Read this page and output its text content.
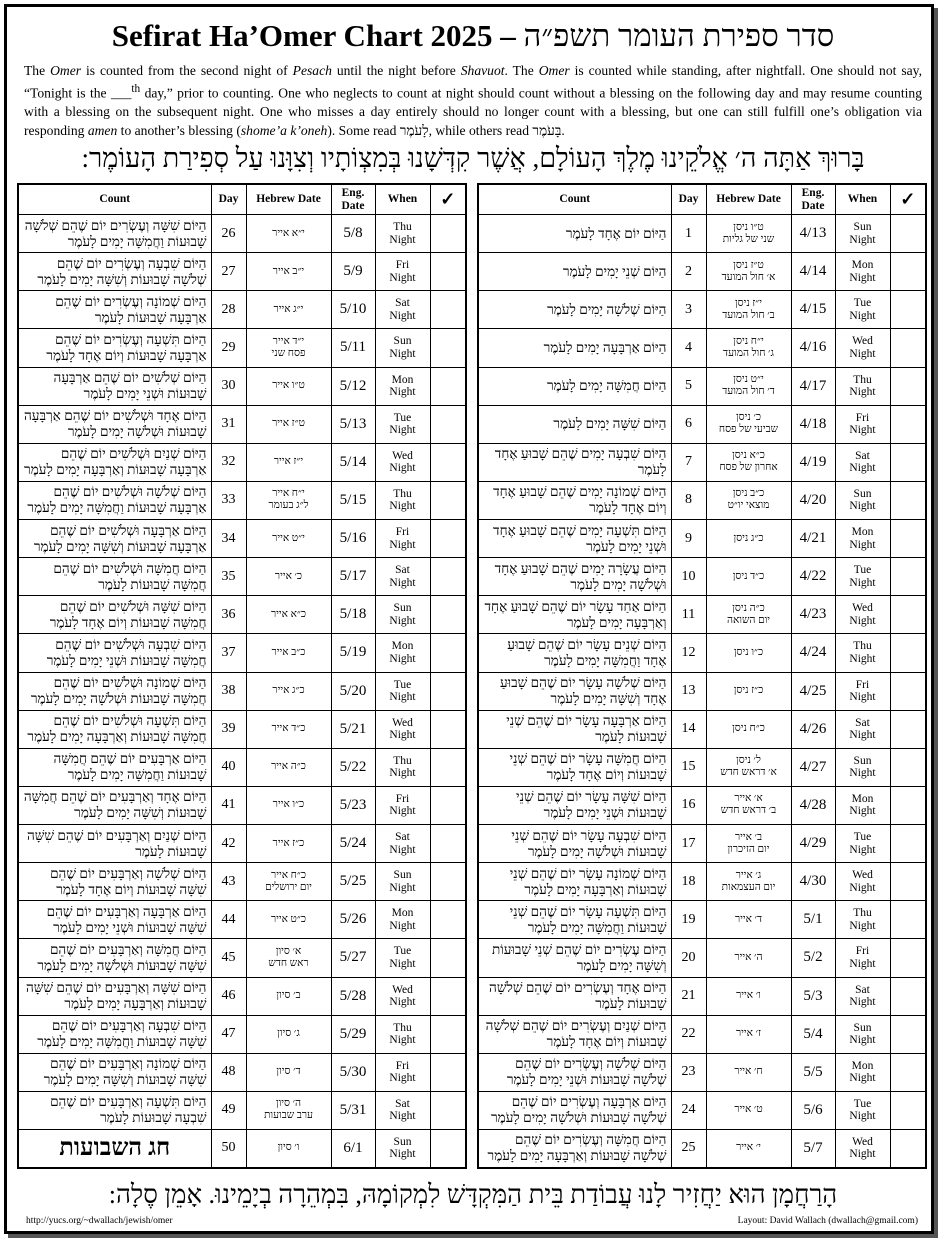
Sefirat Ha’Omer Chart 2025 – סדר ספירת העומר תשפ״ה
The Omer is counted from the second night of Pesach until the night before Shavuot. The Omer is counted while standing, after nightfall. One should not say, “Tonight is the ___$^{th}$ day,” prior to counting. One who neglects to count at night should count without a blessing on the following day and may resume counting with a blessing on the subsequent night. One who misses a day entirely should no longer count with a blessing, but one can still fulfill one’s obligation via responding amen to another’s blessing (shome’a k’oneh). Some read לָעֹמֶר, while others read בָּעֹמֶר.
בָּרוּךְ אַתָּה ה׳ אֱלֹקֵינוּ מֶלֶךְ הָעוֹלָם, אֲשֶׁר קִדְּשָׁנוּ בְּמִצְוֹתָיו וְצִוָּנוּ עַל סְפִירַת הָעוֹמֶר:
Count	Day	Hebrew Date	Eng. Date	When	✓
הַיּוֹם שִׁשָּׁה וְעֶשְׂרִים יוֹם שֶׁהֵם שְׁלֹשָׁה שָׁבוּעוֹת וַחֲמִשָּׁה יָמִים לָעֹמֶר	26	י״א אייר	5/8	Thu
Night	
הַיּוֹם שִׁבְעָה וְעֶשְׂרִים יוֹם שֶׁהֵם שְׁלֹשָׁה שָׁבוּעוֹת וְשִׁשָּׁה יָמִים לָעֹמֶר	27	י״ב אייר	5/9	Fri
Night	
הַיּוֹם שְׁמוֹנָה וְעֶשְׂרִים יוֹם שֶׁהֵם אַרְבָּעָה שָׁבוּעוֹת לָעֹמֶר	28	י״ג אייר	5/10	Sat
Night	
הַיּוֹם תִּשְׁעָה וְעֶשְׂרִים יוֹם שֶׁהֵם אַרְבָּעָה שָׁבוּעוֹת וְיוֹם אֶחָד לָעֹמֶר	29	י״ד אייר
פסח שני	5/11	Sun
Night	
הַיּוֹם שְׁלֹשִׁים יוֹם שֶׁהֵם אַרְבָּעָה שָׁבוּעוֹת וּשְׁנֵי יָמִים לָעֹמֶר	30	ט״ו אייר	5/12	Mon
Night	
הַיּוֹם אֶחָד וּשְׁלֹשִׁים יוֹם שֶׁהֵם אַרְבָּעָה שָׁבוּעוֹת וּשְׁלֹשָׁה יָמִים לָעֹמֶר	31	ט״ז אייר	5/13	Tue
Night	
הַיּוֹם שְׁנַיִם וּשְׁלֹשִׁים יוֹם שֶׁהֵם אַרְבָּעָה שָׁבוּעוֹת וְאַרְבָּעָה יָמִים לָעֹמֶר	32	י״ז אייר	5/14	Wed
Night	
הַיּוֹם שְׁלֹשָׁה וּשְׁלֹשִׁים יוֹם שֶׁהֵם אַרְבָּעָה שָׁבוּעוֹת וַחֲמִשָּׁה יָמִים לָעֹמֶר	33	י״ח אייר
ל״ג בעומר	5/15	Thu
Night	
הַיּוֹם אַרְבָּעָה וּשְׁלֹשִׁים יוֹם שֶׁהֵם אַרְבָּעָה שָׁבוּעוֹת וְשִׁשָּׁה יָמִים לָעֹמֶר	34	י״ט אייר	5/16	Fri
Night	
הַיּוֹם חֲמִשָּׁה וּשְׁלֹשִׁים יוֹם שֶׁהֵם חֲמִשָּׁה שָׁבוּעוֹת לָעֹמֶר	35	כ׳ אייר	5/17	Sat
Night	
הַיּוֹם שִׁשָּׁה וּשְׁלֹשִׁים יוֹם שֶׁהֵם חֲמִשָּׁה שָׁבוּעוֹת וְיוֹם אֶחָד לָעֹמֶר	36	כ״א אייר	5/18	Sun
Night	
הַיּוֹם שִׁבְעָה וּשְׁלֹשִׁים יוֹם שֶׁהֵם חֲמִשָּׁה שָׁבוּעוֹת וּשְׁנֵי יָמִים לָעֹמֶר	37	כ״ב אייר	5/19	Mon
Night	
הַיּוֹם שְׁמוֹנָה וּשְׁלֹשִׁים יוֹם שֶׁהֵם חֲמִשָּׁה שָׁבוּעוֹת וּשְׁלֹשָׁה יָמִים לָעֹמֶר	38	כ״ג אייר	5/20	Tue
Night	
הַיּוֹם תִּשְׁעָה וּשְׁלֹשִׁים יוֹם שֶׁהֵם חֲמִשָּׁה שָׁבוּעוֹת וְאַרְבָּעָה יָמִים לָעֹמֶר	39	כ״ד אייר	5/21	Wed
Night	
הַיּוֹם אַרְבָּעִים יוֹם שֶׁהֵם חֲמִשָּׁה שָׁבוּעוֹת וַחֲמִשָּׁה יָמִים לָעֹמֶר	40	כ״ה אייר	5/22	Thu
Night	
הַיּוֹם אֶחָד וְאַרְבָּעִים יוֹם שֶׁהֵם חֲמִשָּׁה שָׁבוּעוֹת וְשִׁשָּׁה יָמִים לָעֹמֶר	41	כ״ו אייר	5/23	Fri
Night	
הַיּוֹם שְׁנַיִם וְאַרְבָּעִים יוֹם שֶׁהֵם שִׁשָּׁה שָׁבוּעוֹת לָעֹמֶר	42	כ״ז אייר	5/24	Sat
Night	
הַיּוֹם שְׁלֹשָׁה וְאַרְבָּעִים יוֹם שֶׁהֵם שִׁשָּׁה שָׁבוּעוֹת וְיוֹם אֶחָד לָעֹמֶר	43	כ״ח אייר
יום ירושלים	5/25	Sun
Night	
הַיּוֹם אַרְבָּעָה וְאַרְבָּעִים יוֹם שֶׁהֵם שִׁשָּׁה שָׁבוּעוֹת וּשְׁנֵי יָמִים לָעֹמֶר	44	כ״ט אייר	5/26	Mon
Night	
הַיּוֹם חֲמִשָּׁה וְאַרְבָּעִים יוֹם שֶׁהֵם שִׁשָּׁה שָׁבוּעוֹת וּשְׁלֹשָׁה יָמִים לָעֹמֶר	45	א׳ סיון
ראש חדש	5/27	Tue
Night	
הַיּוֹם שִׁשָּׁה וְאַרְבָּעִים יוֹם שֶׁהֵם שִׁשָּׁה שָׁבוּעוֹת וְאַרְבָּעָה יָמִים לָעֹמֶר	46	ב׳ סיון	5/28	Wed
Night	
הַיּוֹם שִׁבְעָה וְאַרְבָּעִים יוֹם שֶׁהֵם שִׁשָּׁה שָׁבוּעוֹת וַחֲמִשָּׁה יָמִים לָעֹמֶר	47	ג׳ סיון	5/29	Thu
Night	
הַיּוֹם שְׁמוֹנָה וְאַרְבָּעִים יוֹם שֶׁהֵם שִׁשָּׁה שָׁבוּעוֹת וְשִׁשָּׁה יָמִים לָעֹמֶר	48	ד׳ סיון	5/30	Fri
Night	
הַיּוֹם תִּשְׁעָה וְאַרְבָּעִים יוֹם שֶׁהֵם שִׁבְעָה שָׁבוּעוֹת לָעֹמֶר	49	ה׳ סיון
ערב שבועות	5/31	Sat
Night	
חג השבועות	50	ו׳ סיון	6/1	Sun
Night	
Count	Day	Hebrew Date	Eng. Date	When	✓
הַיּוֹם יוֹם אֶחָד לָעֹמֶר	1	ט״ו ניסן
שני של גליות	4/13	Sun
Night	
הַיּוֹם שְׁנֵי יָמִים לָעֹמֶר	2	ט״ז ניסן
א׳ חול המועד	4/14	Mon
Night	
הַיּוֹם שְׁלֹשָׁה יָמִים לָעֹמֶר	3	י״ז ניסן
ב׳ חול המועד	4/15	Tue
Night	
הַיּוֹם אַרְבָּעָה יָמִים לָעֹמֶר	4	י״ח ניסן
ג׳ חול המועד	4/16	Wed
Night	
הַיּוֹם חֲמִשָּׁה יָמִים לָעֹמֶר	5	י״ט ניסן
ד׳ חול המועד	4/17	Thu
Night	
הַיּוֹם שִׁשָּׁה יָמִים לָעֹמֶר	6	כ׳ ניסן
שביעי של פסח	4/18	Fri
Night	
הַיּוֹם שִׁבְעָה יָמִים שֶׁהֵם שָׁבוּעַ אֶחָד לָעֹמֶר	7	כ״א ניסן
אחרון של פסח	4/19	Sat
Night	
הַיּוֹם שְׁמוֹנָה יָמִים שֶׁהֵם שָׁבוּעַ אֶחָד וְיוֹם אֶחָד לָעֹמֶר	8	כ״ב ניסן
מוצאי יו״ט	4/20	Sun
Night	
הַיּוֹם תִּשְׁעָה יָמִים שֶׁהֵם שָׁבוּעַ אֶחָד וּשְׁנֵי יָמִים לָעֹמֶר	9	כ״ג ניסן	4/21	Mon
Night	
הַיּוֹם עֲשָׂרָה יָמִים שֶׁהֵם שָׁבוּעַ אֶחָד וּשְׁלֹשָׁה יָמִים לָעֹמֶר	10	כ״ד ניסן	4/22	Tue
Night	
הַיּוֹם אַחַד עָשָׂר יוֹם שֶׁהֵם שָׁבוּעַ אֶחָד וְאַרְבָּעָה יָמִים לָעֹמֶר	11	כ״ה ניסן
יום השואה	4/23	Wed
Night	
הַיּוֹם שְׁנֵים עָשָׂר יוֹם שֶׁהֵם שָׁבוּעַ אֶחָד וַחֲמִשָּׁה יָמִים לָעֹמֶר	12	כ״ו ניסן	4/24	Thu
Night	
הַיּוֹם שְׁלֹשָׁה עָשָׂר יוֹם שֶׁהֵם שָׁבוּעַ אֶחָד וְשִׁשָּׁה יָמִים לָעֹמֶר	13	כ״ז ניסן	4/25	Fri
Night	
הַיּוֹם אַרְבָּעָה עָשָׂר יוֹם שֶׁהֵם שְׁנֵי שָׁבוּעוֹת לָעֹמֶר	14	כ״ח ניסן	4/26	Sat
Night	
הַיּוֹם חֲמִשָּׁה עָשָׂר יוֹם שֶׁהֵם שְׁנֵי שָׁבוּעוֹת וְיוֹם אֶחָד לָעֹמֶר	15	ל׳ ניסן
א׳ דראש חדש	4/27	Sun
Night	
הַיּוֹם שִׁשָּׁה עָשָׂר יוֹם שֶׁהֵם שְׁנֵי שָׁבוּעוֹת וּשְׁנֵי יָמִים לָעֹמֶר	16	א׳ אייר
ב׳ דראש חדש	4/28	Mon
Night	
הַיּוֹם שִׁבְעָה עָשָׂר יוֹם שֶׁהֵם שְׁנֵי שָׁבוּעוֹת וּשְׁלֹשָׁה יָמִים לָעֹמֶר	17	ב׳ אייר
יום הזיכרון	4/29	Tue
Night	
הַיּוֹם שְׁמוֹנָה עָשָׂר יוֹם שֶׁהֵם שְׁנֵי שָׁבוּעוֹת וְאַרְבָּעָה יָמִים לָעֹמֶר	18	ג׳ אייר
יום העצמאות	4/30	Wed
Night	
הַיּוֹם תִּשְׁעָה עָשָׂר יוֹם שֶׁהֵם שְׁנֵי שָׁבוּעוֹת וַחֲמִשָּׁה יָמִים לָעֹמֶר	19	ד׳ אייר	5/1	Thu
Night	
הַיּוֹם עֶשְׂרִים יוֹם שֶׁהֵם שְׁנֵי שָׁבוּעוֹת וְשִׁשָּׁה יָמִים לָעֹמֶר	20	ה׳ אייר	5/2	Fri
Night	
הַיּוֹם אֶחָד וְעֶשְׂרִים יוֹם שֶׁהֵם שְׁלֹשָׁה שָׁבוּעוֹת לָעֹמֶר	21	ו׳ אייר	5/3	Sat
Night	
הַיּוֹם שְׁנַיִם וְעֶשְׂרִים יוֹם שֶׁהֵם שְׁלֹשָׁה שָׁבוּעוֹת וְיוֹם אֶחָד לָעֹמֶר	22	ז׳ אייר	5/4	Sun
Night	
הַיּוֹם שְׁלֹשָׁה וְעֶשְׂרִים יוֹם שֶׁהֵם שְׁלֹשָׁה שָׁבוּעוֹת וּשְׁנֵי יָמִים לָעֹמֶר	23	ח׳ אייר	5/5	Mon
Night	
הַיּוֹם אַרְבָּעָה וְעֶשְׂרִים יוֹם שֶׁהֵם שְׁלֹשָׁה שָׁבוּעוֹת וּשְׁלֹשָׁה יָמִים לָעֹמֶר	24	ט׳ אייר	5/6	Tue
Night	
הַיּוֹם חֲמִשָּׁה וְעֶשְׂרִים יוֹם שֶׁהֵם שְׁלֹשָׁה שָׁבוּעוֹת וְאַרְבָּעָה יָמִים לָעֹמֶר	25	י׳ אייר	5/7	Wed
Night	
הָרַחֲמָן הוּא יַחֲזִיר לָנוּ עֲבוֹדַת בֵּית הַמִּקְדָּשׁ לִמְקוֹמָהּ, בִּמְהֵרָה בְיָמֵינוּ. אָמֵן סֶלָה:
http://yucs.org/~dwallach/jewish/omer	Layout: David Wallach (dwallach@gmail.com)
